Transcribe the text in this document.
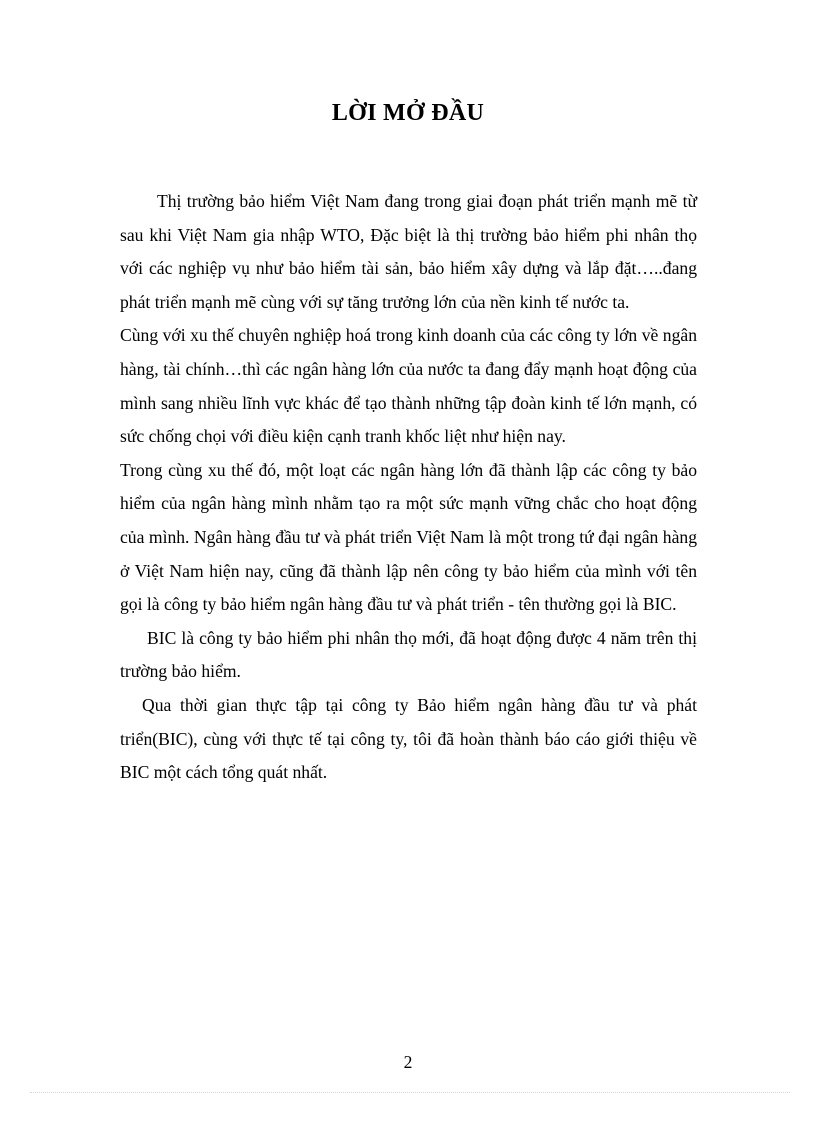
LỜI MỞ ĐẦU

Thị trường bảo hiểm Việt Nam đang trong giai đoạn phát triển mạnh mẽ từ sau khi Việt Nam gia nhập WTO, Đặc biệt là thị trường bảo hiểm phi nhân thọ với các nghiệp vụ như bảo hiểm tài sản, bảo hiểm xây dựng và lắp đặt…..đang phát triển mạnh mẽ cùng với sự tăng trưởng lớn của nền kinh tế nước ta.

Cùng với xu thế chuyên nghiệp hoá trong kinh doanh của các công ty lớn về ngân hàng, tài chính…thì các ngân hàng lớn của nước ta đang đẩy mạnh hoạt động của mình sang nhiều lĩnh vực khác để tạo thành những tập đoàn kinh tế lớn mạnh, có sức chống chọi với điều kiện cạnh tranh khốc liệt như hiện nay.

Trong cùng xu thế đó, một loạt các ngân hàng lớn đã thành lập các công ty bảo hiểm của ngân hàng mình nhằm tạo ra một sức mạnh vững chắc cho hoạt động của mình. Ngân hàng đầu tư và phát triển Việt Nam là một trong tứ đại ngân hàng ở Việt Nam hiện nay, cũng đã thành lập nên công ty bảo hiểm của mình với tên gọi là công ty bảo hiểm ngân hàng đầu tư và phát triển - tên thường gọi là BIC.

BIC là công ty bảo hiểm phi nhân thọ mới, đã hoạt động được 4 năm trên thị trường bảo hiểm.

Qua thời gian thực tập tại công ty Bảo hiểm ngân hàng đầu tư và phát triển(BIC), cùng với thực tế tại công ty, tôi đã hoàn thành báo cáo giới thiệu về BIC một cách tổng quát nhất.

2
